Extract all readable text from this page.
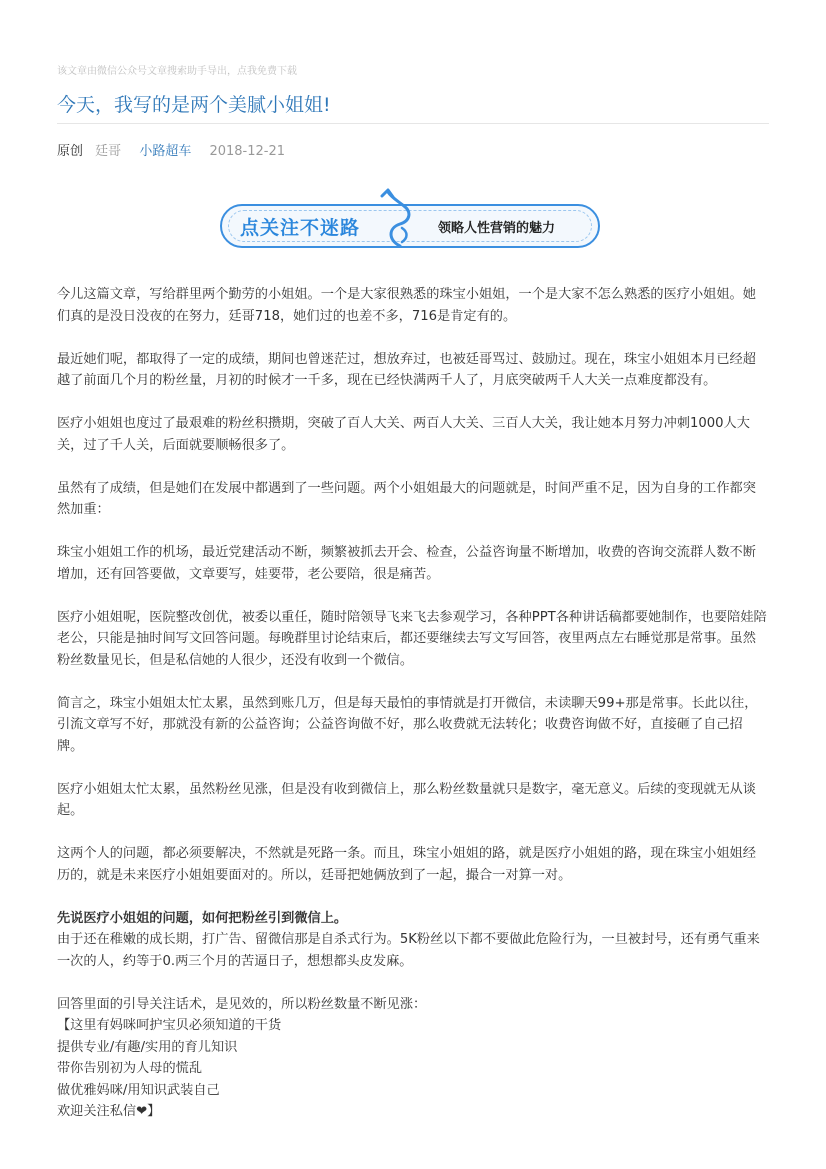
该文章由微信公众号文章搜索助手导出，点我免费下载
今天，我写的是两个美腻小姐姐!
原创 廷哥 小路超车 2018-12-21
点关注不迷路	领略人性营销的魅力

今儿这篇文章，写给群里两个勤劳的小姐姐。一个是大家很熟悉的珠宝小姐姐，一个是大家不怎么熟悉的医疗小姐姐。她们真的是没日没夜的在努力，廷哥718，她们过的也差不多，716是肯定有的。

最近她们呢，都取得了一定的成绩，期间也曾迷茫过，想放弃过，也被廷哥骂过、鼓励过。现在，珠宝小姐姐本月已经超越了前面几个月的粉丝量，月初的时候才一千多，现在已经快满两千人了，月底突破两千人大关一点难度都没有。

医疗小姐姐也度过了最艰难的粉丝积攒期，突破了百人大关、两百人大关、三百人大关，我让她本月努力冲刺1000人大关，过了千人关，后面就要顺畅很多了。

虽然有了成绩，但是她们在发展中都遇到了一些问题。两个小姐姐最大的问题就是，时间严重不足，因为自身的工作都突然加重：

珠宝小姐姐工作的机场，最近党建活动不断，频繁被抓去开会、检查，公益咨询量不断增加，收费的咨询交流群人数不断增加，还有回答要做，文章要写，娃要带，老公要陪，很是痛苦。

医疗小姐姐呢，医院整改创优，被委以重任，随时陪领导飞来飞去参观学习，各种PPT各种讲话稿都要她制作，也要陪娃陪老公，只能是抽时间写文回答问题。每晚群里讨论结束后，都还要继续去写文写回答，夜里两点左右睡觉那是常事。虽然粉丝数量见长，但是私信她的人很少，还没有收到一个微信。

简言之，珠宝小姐姐太忙太累，虽然到账几万，但是每天最怕的事情就是打开微信，未读聊天99+那是常事。长此以往，引流文章写不好，那就没有新的公益咨询；公益咨询做不好，那么收费就无法转化；收费咨询做不好，直接砸了自己招牌。

医疗小姐姐太忙太累，虽然粉丝见涨，但是没有收到微信上，那么粉丝数量就只是数字，毫无意义。后续的变现就无从谈起。

这两个人的问题，都必须要解决，不然就是死路一条。而且，珠宝小姐姐的路，就是医疗小姐姐的路，现在珠宝小姐姐经历的，就是未来医疗小姐姐要面对的。所以，廷哥把她俩放到了一起，撮合一对算一对。

先说医疗小姐姐的问题，如何把粉丝引到微信上。

由于还在稚嫩的成长期，打广告、留微信那是自杀式行为。5K粉丝以下都不要做此危险行为，一旦被封号，还有勇气重来一次的人，约等于0.两三个月的苦逼日子，想想都头皮发麻。

回答里面的引导关注话术，是见效的，所以粉丝数量不断见涨：

【这里有妈咪呵护宝贝必须知道的干货

提供专业/有趣/实用的育儿知识

带你告别初为人母的慌乱

做优雅妈咪/用知识武装自己

欢迎关注私信❤】
